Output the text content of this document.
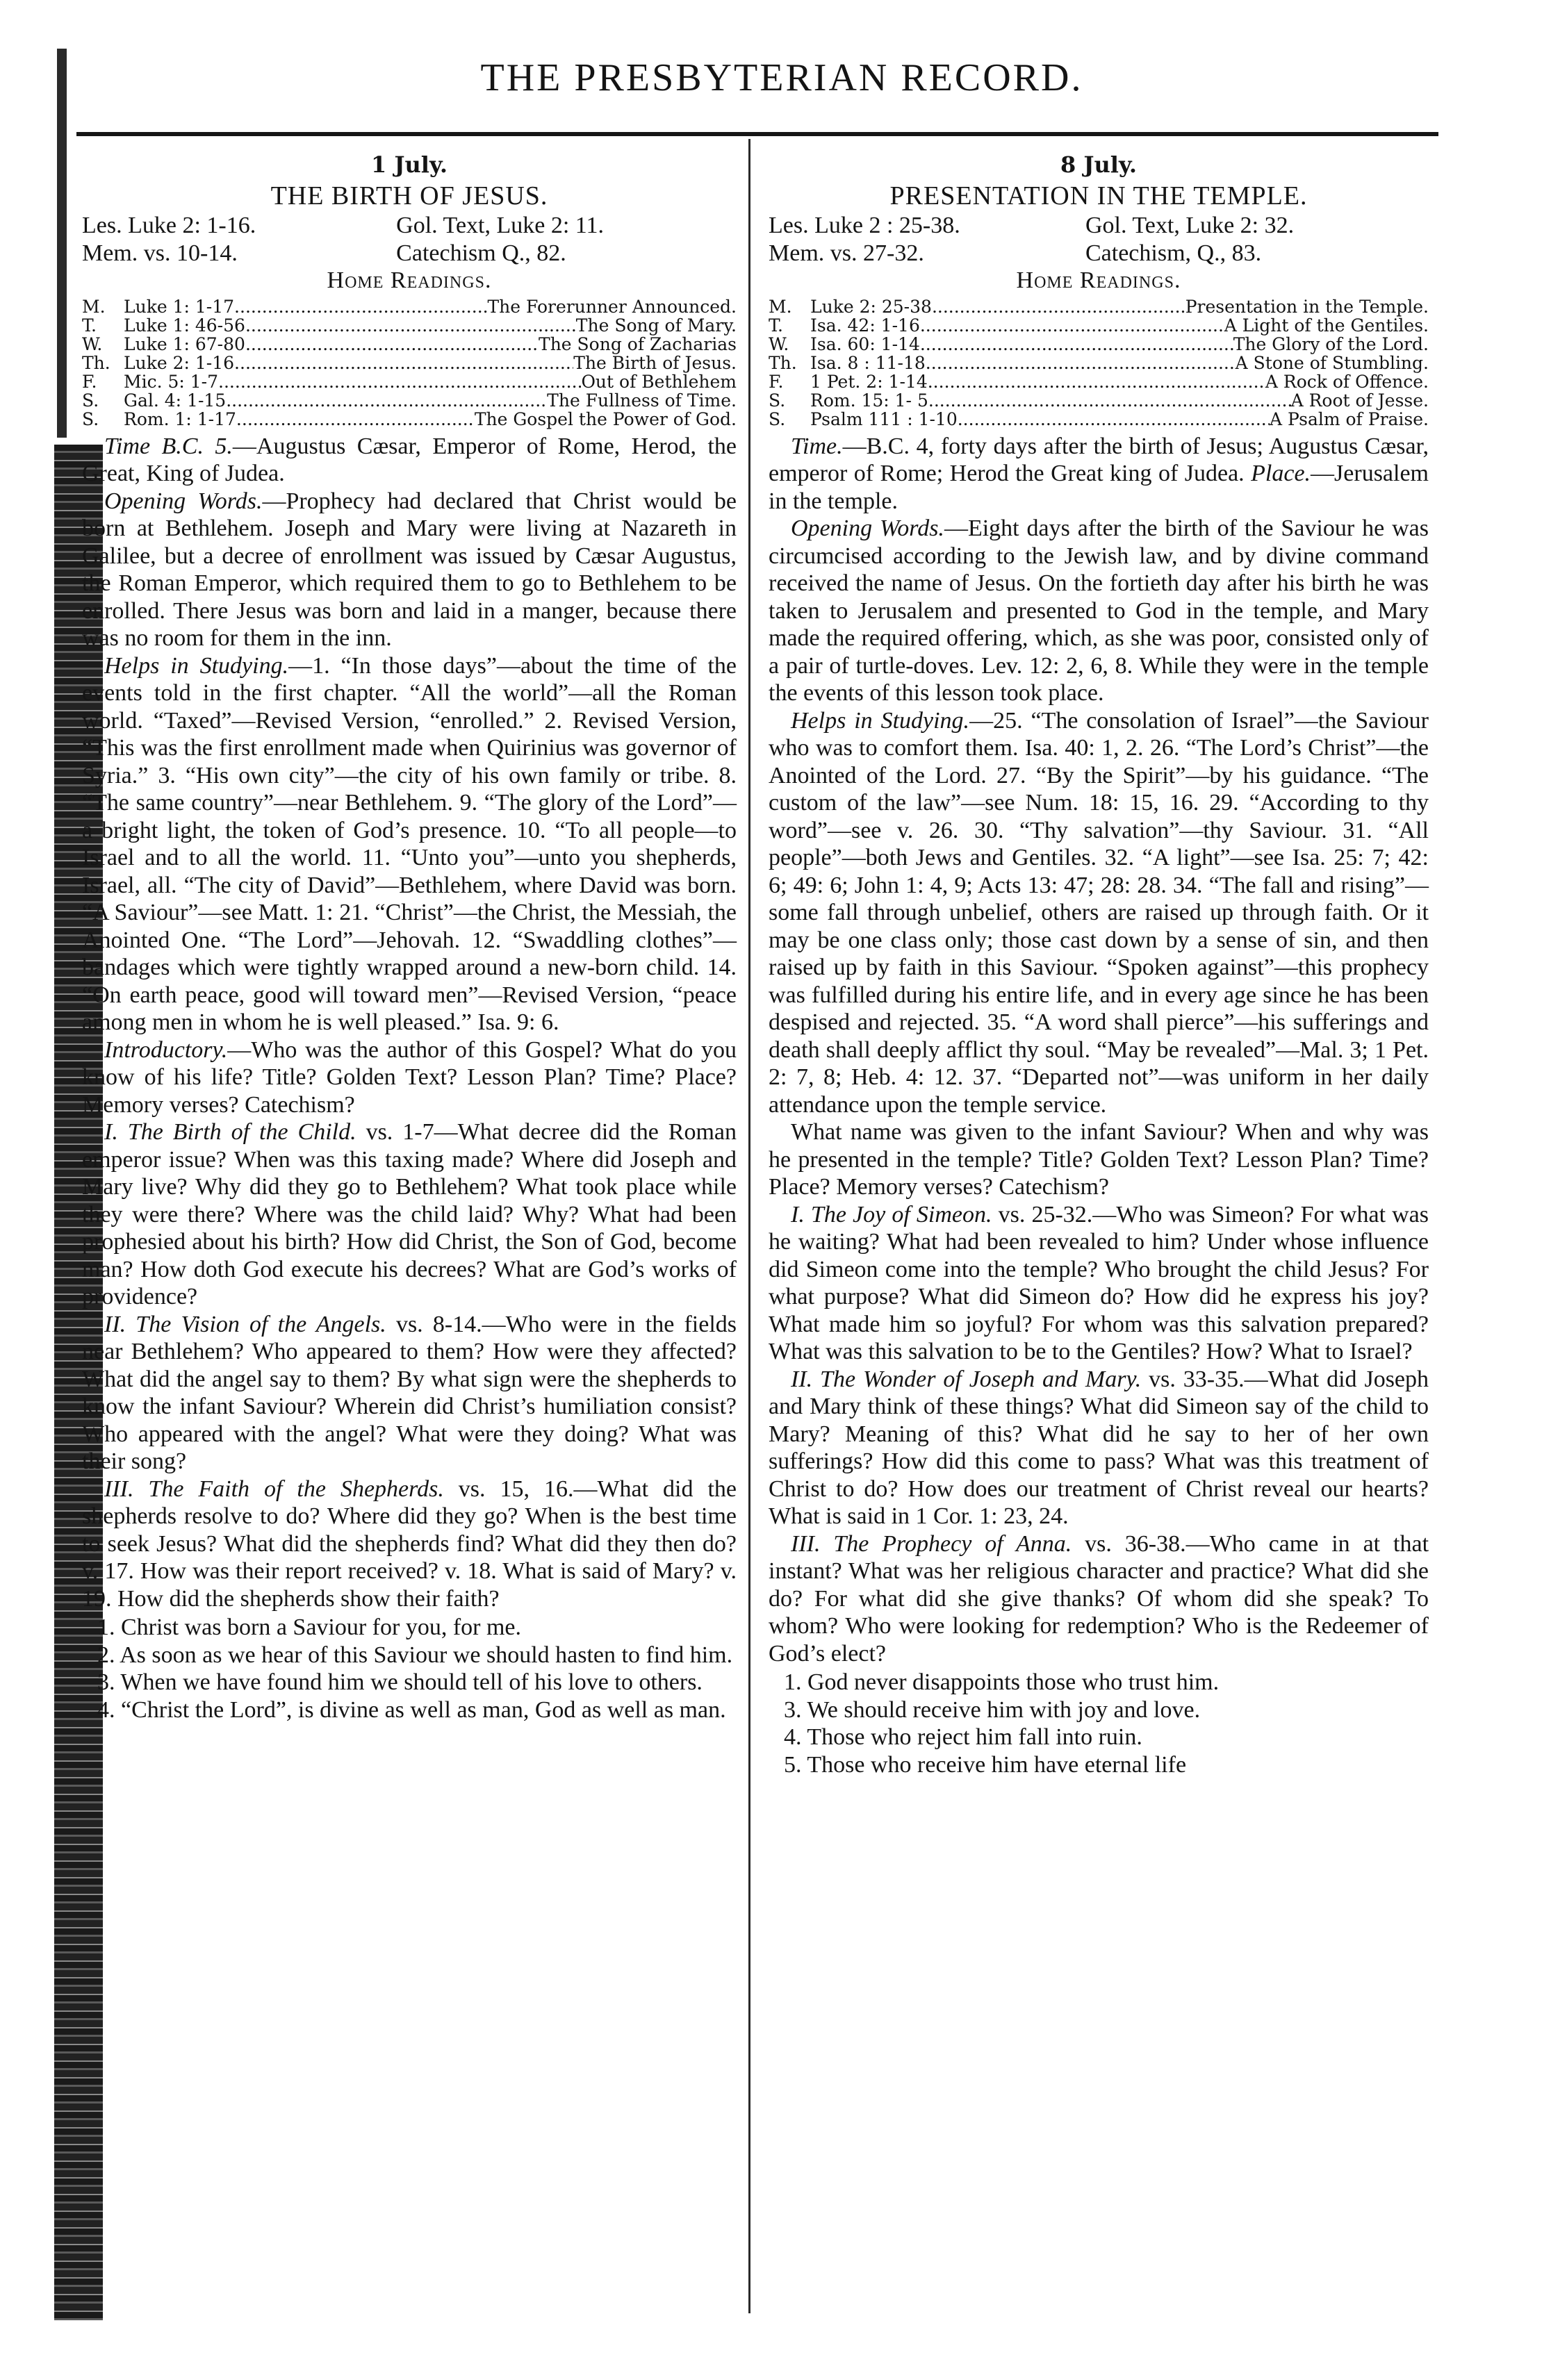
THE PRESBYTERIAN RECORD.
1 July.
THE BIRTH OF JESUS.
Les. Luke 2: 1-16.	Gol. Text, Luke 2: 11.
Mem. vs. 10-14.	Catechism Q., 82.
Home Readings.
M.	Luke 1: 1-17 .....	The Forerunner Announced.
T.	Luke 1: 46-56 .....	The Song of Mary.
W.	Luke 1: 67-80 .....	The Song of Zacharias
Th. Luke 2: 1-16 .....	The Birth of Jesus.
F.	Mic. 5: 1-7 .....	Out of Bethlehem
S.	Gal. 4: 1-15 .....	The Fullness of Time.
S.	Rom. 1: 1-17 .....	The Gospel the Power of God.

Time B.C. 5.—Augustus Cæsar, Emperor of Rome, Herod, the Great, King of Judea.

Opening Words.—Prophecy had declared that Christ would be born at Bethlehem. Joseph and Mary were living at Nazareth in Galilee, but a decree of enrollment was issued by Cæsar Augustus, the Roman Emperor, which required them to go to Bethlehem to be enrolled. There Jesus was born and laid in a manger, because there was no room for them in the inn.

Helps in Studying.—1. “In those days”—about the time of the events told in the first chapter. “All the world”—all the Roman world. “Taxed”—Revised Version, “enrolled.” 2. Revised Version, “This was the first enrollment made when Quirinius was governor of Syria.” 3. “His own city”—the city of his own family or tribe. 8. “The same country”—near Bethlehem. 9. “The glory of the Lord”—a bright light, the token of God’s presence. 10. “To all people—to Israel and to all the world. 11. “Unto you”—unto you shepherds, Israel, all. “The city of David”—Bethlehem, where David was born. “A Saviour”—see Matt. 1: 21. “Christ”—the Christ, the Messiah, the Anointed One. “The Lord”—Jehovah. 12. “Swaddling clothes”—bandages which were tightly wrapped around a new-born child. 14. “On earth peace, good will toward men”—Revised Version, “peace among men in whom he is well pleased.” Isa. 9: 6.

Introductory.—Who was the author of this Gospel? What do you know of his life? Title? Golden Text? Lesson Plan? Time? Place? Memory verses? Catechism?

I. The Birth of the Child. vs. 1-7—What decree did the Roman emperor issue? When was this taxing made? Where did Joseph and Mary live? Why did they go to Bethlehem? What took place while they were there? Where was the child laid? Why? What had been prophesied about his birth? How did Christ, the Son of God, become man? How doth God execute his decrees? What are God’s works of providence?

II. The Vision of the Angels. vs. 8-14.—Who were in the fields near Bethlehem? Who appeared to them? How were they affected? What did the angel say to them? By what sign were the shepherds to know the infant Saviour? Wherein did Christ’s humiliation consist? Who appeared with the angel? What were they doing? What was their song?

III. The Faith of the Shepherds. vs. 15, 16.—What did the shepherds resolve to do? Where did they go? When is the best time to seek Jesus? What did the shepherds find? What did they then do? v. 17. How was their report received? v. 18. What is said of Mary? v. 19. How did the shepherds show their faith?

1. Christ was born a Saviour for you, for me.
2. As soon as we hear of this Saviour we should hasten to find him.
3. When we have found him we should tell of his love to others.
4. “Christ the Lord”, is divine as well as man, God as well as man.
8 July.
PRESENTATION IN THE TEMPLE.
Les. Luke 2 : 25-38.	Gol. Text, Luke 2: 32.
Mem. vs. 27-32.	Catechism, Q., 83.
Home Readings.
M.	Luke 2: 25-38 .....	Presentation in the Temple.
T.	Isa. 42: 1-16 .....	A Light of the Gentiles.
W.	Isa. 60: 1-14 .....	The Glory of the Lord.
Th. Isa. 8 : 11-18 .....	A Stone of Stumbling.
F.	1 Pet. 2: 1-14 .....	A Rock of Offence.
S.	Rom. 15: 1- 5 .....	A Root of Jesse.
S.	Psalm 111 : 1-10 .....	A Psalm of Praise.

Time.—B.C. 4, forty days after the birth of Jesus; Augustus Cæsar, emperor of Rome; Herod the Great king of Judea. Place.—Jerusalem in the temple.

Opening Words.—Eight days after the birth of the Saviour he was circumcised according to the Jewish law, and by divine command received the name of Jesus. On the fortieth day after his birth he was taken to Jerusalem and presented to God in the temple, and Mary made the required offering, which, as she was poor, consisted only of a pair of turtle-doves. Lev. 12: 2, 6, 8. While they were in the temple the events of this lesson took place.

Helps in Studying.—25. “The consolation of Israel”—the Saviour who was to comfort them. Isa. 40: 1, 2. 26. “The Lord’s Christ”—the Anointed of the Lord. 27. “By the Spirit”—by his guidance. “The custom of the law”—see Num. 18: 15, 16. 29. “According to thy word”—see v. 26. 30. “Thy salvation”—thy Saviour. 31. “All people”—both Jews and Gentiles. 32. “A light”—see Isa. 25: 7; 42: 6; 49: 6; John 1: 4, 9; Acts 13: 47; 28: 28. 34. “The fall and rising”—some fall through unbelief, others are raised up through faith. Or it may be one class only; those cast down by a sense of sin, and then raised up by faith in this Saviour. “Spoken against”—this prophecy was fulfilled during his entire life, and in every age since he has been despised and rejected. 35. “A word shall pierce”—his sufferings and death shall deeply afflict thy soul. “May be revealed”—Mal. 3; 1 Pet. 2: 7, 8; Heb. 4: 12. 37. “Departed not”—was uniform in her daily attendance upon the temple service.

What name was given to the infant Saviour? When and why was he presented in the temple? Title? Golden Text? Lesson Plan? Time? Place? Memory verses? Catechism?

I. The Joy of Simeon. vs. 25-32.—Who was Simeon? For what was he waiting? What had been revealed to him? Under whose influence did Simeon come into the temple? Who brought the child Jesus? For what purpose? What did Simeon do? How did he express his joy? What made him so joyful? For whom was this salvation prepared? What was this salvation to be to the Gentiles? How? What to Israel?

II. The Wonder of Joseph and Mary. vs. 33-35.—What did Joseph and Mary think of these things? What did Simeon say of the child to Mary? Meaning of this? What did he say to her of her own sufferings? How did this come to pass? What was this treatment of Christ to do? How does our treatment of Christ reveal our hearts? What is said in 1 Cor. 1: 23, 24.

III. The Prophecy of Anna. vs. 36-38.—Who came in at that instant? What was her religious character and practice? What did she do? For what did she give thanks? Of whom did she speak? To whom? Who were looking for redemption? Who is the Redeemer of God’s elect?

1. God never disappoints those who trust him.
3. We should receive him with joy and love.
4. Those who reject him fall into ruin.
5. Those who receive him have eternal life
